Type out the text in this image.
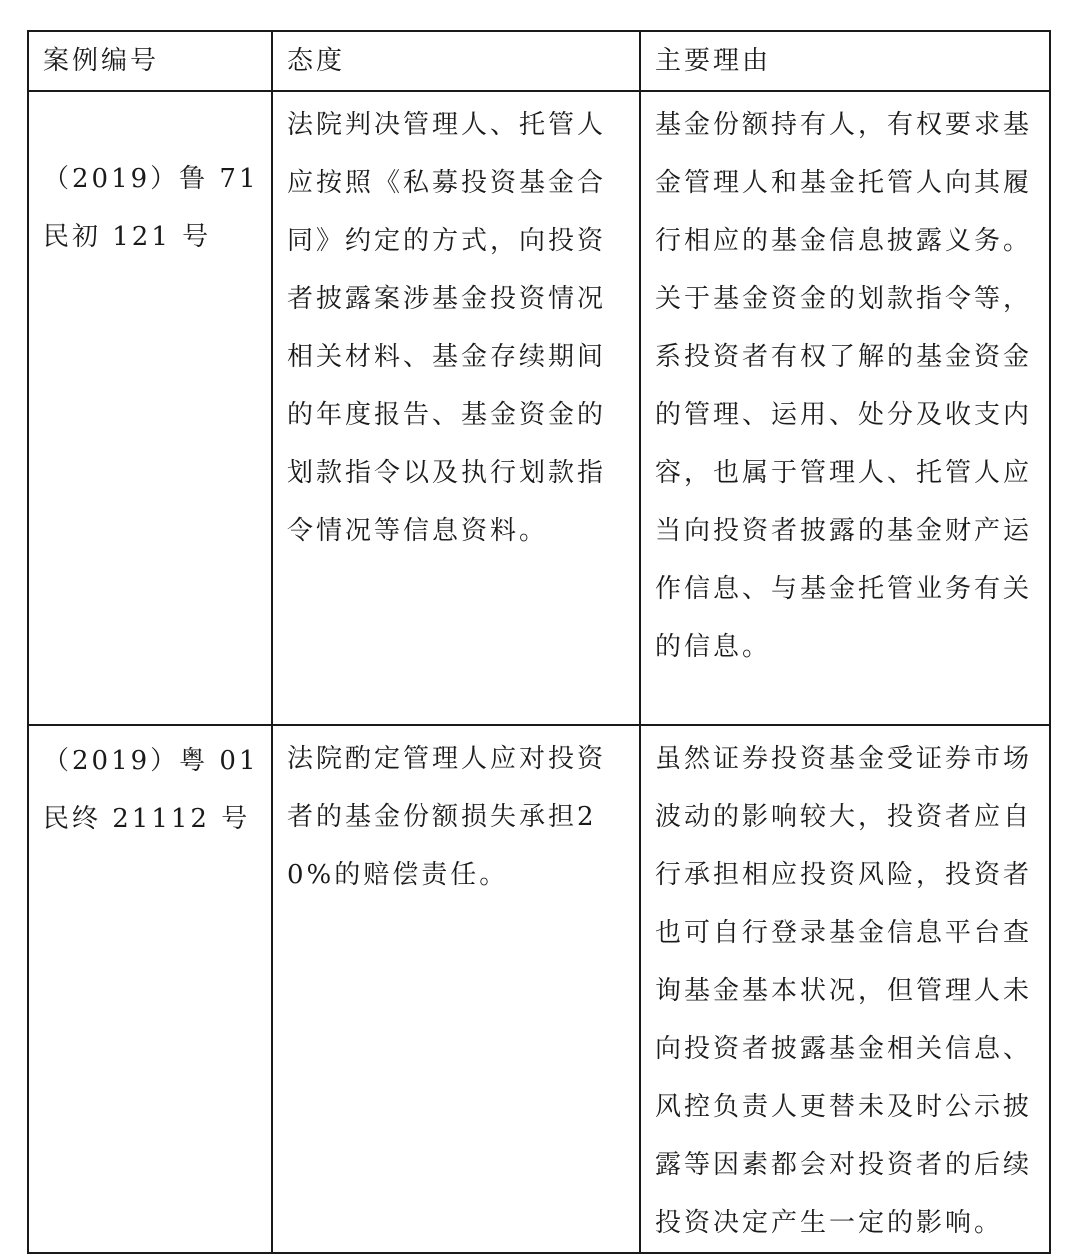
案例编号	态度	主要理由
（2019）鲁 71 民初 121 号	法院判决管理人、托管人应按照《私募投资基金合同》约定的方式，向投资者披露案涉基金投资情况相关材料、基金存续期间的年度报告、基金资金的划款指令以及执行划款指令情况等信息资料。	基金份额持有人，有权要求基金管理人和基金托管人向其履行相应的基金信息披露义务。关于基金资金的划款指令等，系投资者有权了解的基金资金的管理、运用、处分及收支内容，也属于管理人、托管人应当向投资者披露的基金财产运作信息、与基金托管业务有关的信息。
（2019）粤 01 民终 21112 号	法院酌定管理人应对投资者的基金份额损失承担20%的赔偿责任。	虽然证券投资基金受证券市场波动的影响较大，投资者应自行承担相应投资风险，投资者也可自行登录基金信息平台查询基金基本状况，但管理人未向投资者披露基金相关信息、风控负责人更替未及时公示披露等因素都会对投资者的后续投资决定产生一定的影响。
